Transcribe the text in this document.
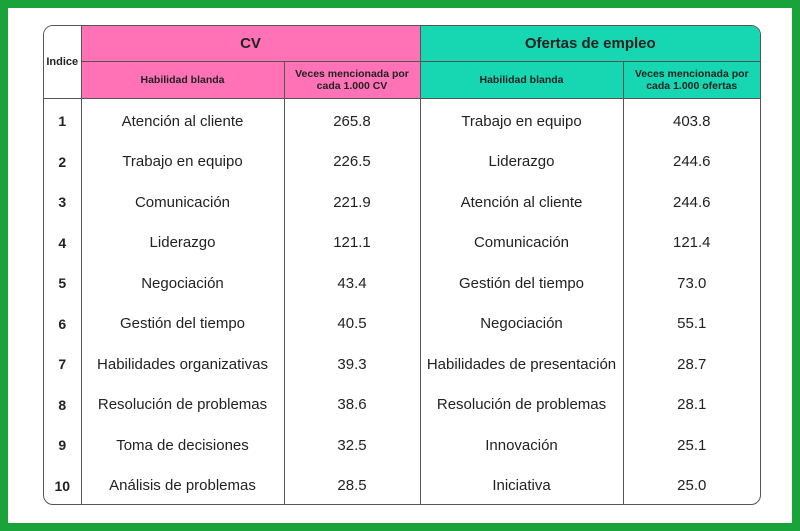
Indice	CV		Ofertas de empleo	
	Habilidad blanda	Veces mencionada por cada 1.000 CV	Habilidad blanda	Veces mencionada por cada 1.000 ofertas
1	Atención al cliente	265.8	Trabajo en equipo	403.8
2	Trabajo en equipo	226.5	Liderazgo	244.6
3	Comunicación	221.9	Atención al cliente	244.6
4	Liderazgo	121.1	Comunicación	121.4
5	Negociación	43.4	Gestión del tiempo	73.0
6	Gestión del tiempo	40.5	Negociación	55.1
7	Habilidades organizativas	39.3	Habilidades de presentación	28.7
8	Resolución de problemas	38.6	Resolución de problemas	28.1
9	Toma de decisiones	32.5	Innovación	25.1
10	Análisis de problemas	28.5	Iniciativa	25.0
